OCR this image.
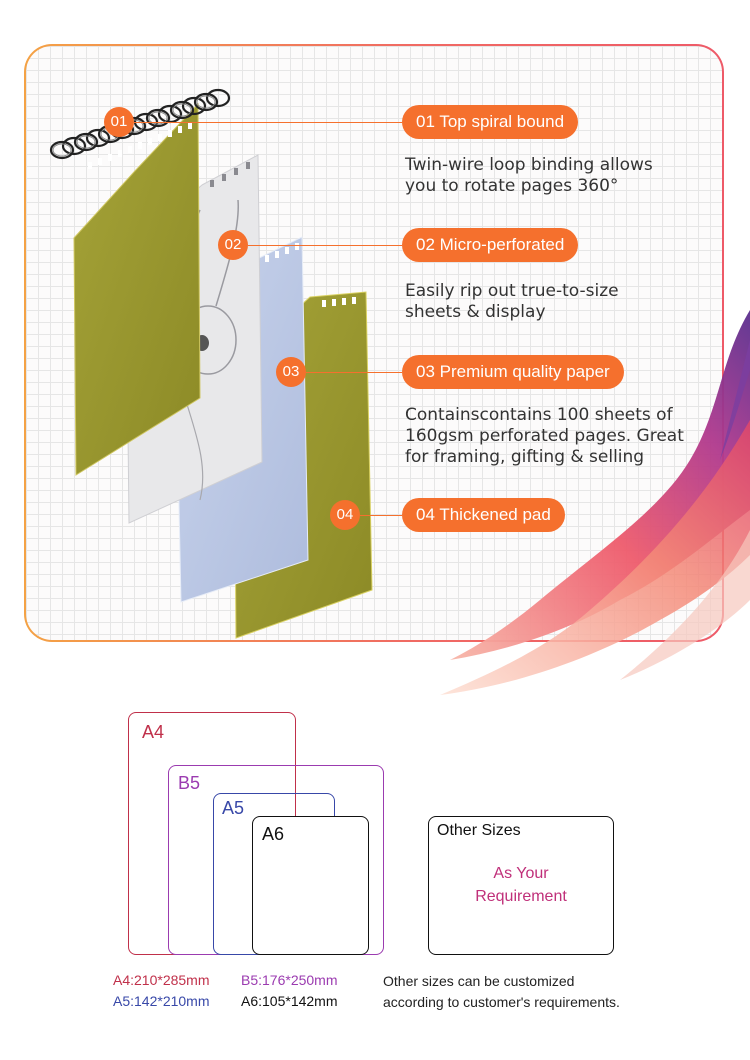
01
02
03
04
01 Top spiral bound
02 Micro-perforated
03 Premium quality paper
04 Thickened pad
Twin-wire loop binding allows
you to rotate pages 360°
Easily rip out true-to-size
sheets & display
Containscontains 100 sheets of
160gsm perforated pages. Great
for framing, gifting & selling
A4
B5
A5
A6	Other Sizes
As Your
Requirement
A4:210*285mm B5:176*250mm
A5:142*210mm A6:105*142mm
Other sizes can be customized
according to customer's requirements.
